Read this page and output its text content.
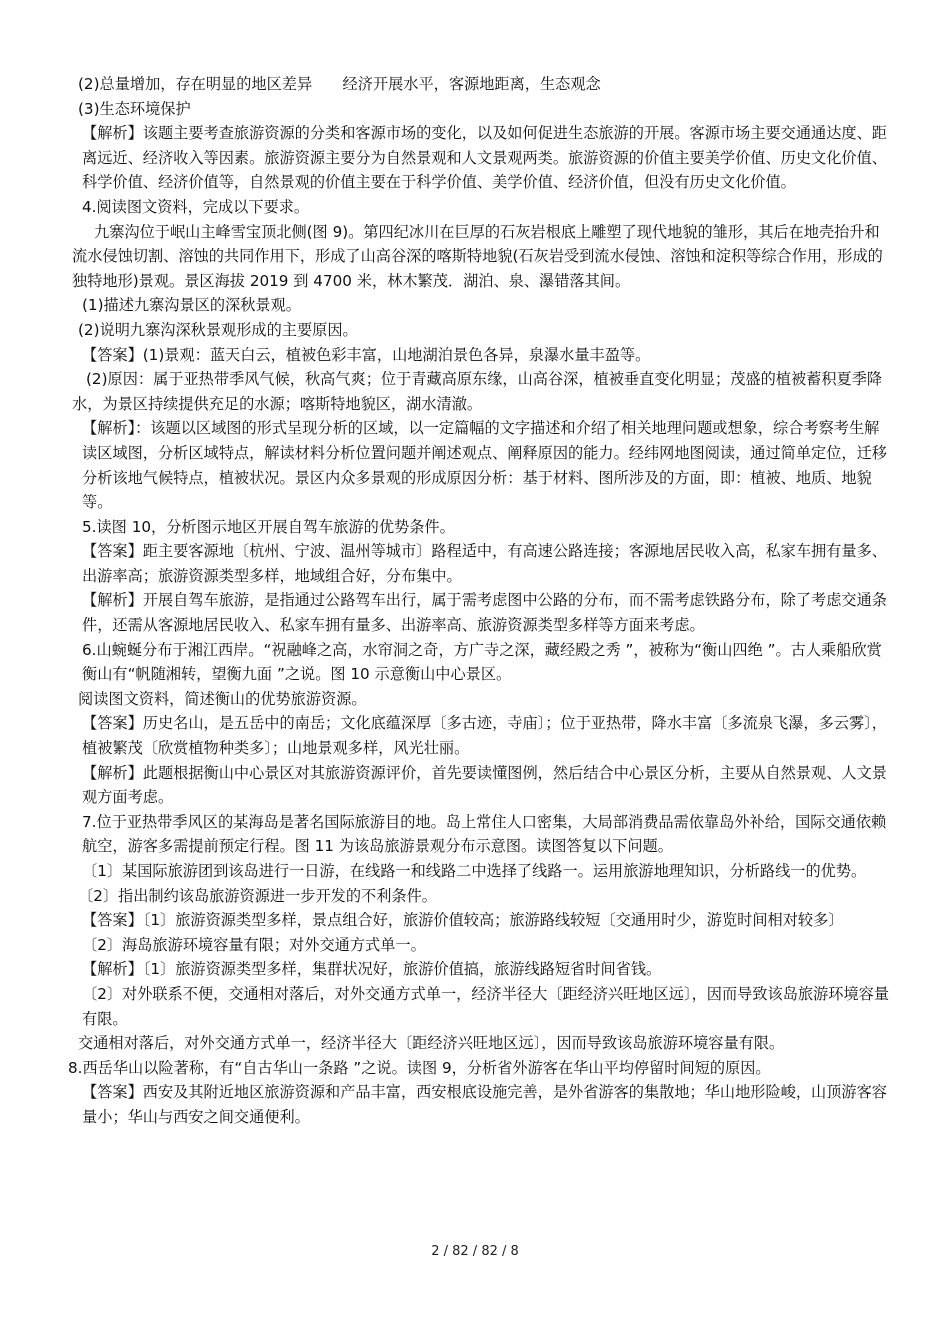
(2)总量增加，存在明显的地区差异　　经济开展水平，客源地距离，生态观念

(3)生态环境保护

【解析】该题主要考查旅游资源的分类和客源市场的变化，以及如何促进生态旅游的开展。客源市场主要交通通达度、距离远近、经济收入等因素。旅游资源主要分为自然景观和人文景观两类。旅游资源的价值主要美学价值、历史文化价值、科学价值、经济价值等，自然景观的价值主要在于科学价值、美学价值、经济价值，但没有历史文化价值。

4.阅读图文资料，完成以下要求。

九寨沟位于岷山主峰雪宝顶北侧(图 9)。第四纪冰川在巨厚的石灰岩根底上雕塑了现代地貌的雏形，其后在地壳抬升和流水侵蚀切割、溶蚀的共同作用下，形成了山高谷深的喀斯特地貌(石灰岩受到流水侵蚀、溶蚀和淀积等综合作用，形成的独特地形)景观。景区海拔 2019 到 4700 米，林木繁茂．湖泊、泉、瀑错落其间。

(1)描述九寨沟景区的深秋景观。

(2)说明九寨沟深秋景观形成的主要原因。

【答案】(1)景观：蓝天白云，植被色彩丰富，山地湖泊景色各异，泉瀑水量丰盈等。

(2)原因：属于亚热带季风气候，秋高气爽；位于青藏高原东缘，山高谷深，植被垂直变化明显；茂盛的植被蓄积夏季降水，为景区持续提供充足的水源；喀斯特地貌区，湖水清澈。

【解析】：该题以区域图的形式呈现分析的区域，以一定篇幅的文字描述和介绍了相关地理问题或想象，综合考察考生解读区域图，分析区域特点，解读材料分析位置问题并阐述观点、阐释原因的能力。经纬网地图阅读，通过简单定位，迁移分析该地气候特点，植被状况。景区内众多景观的形成原因分析：基于材料、图所涉及的方面，即：植被、地质、地貌等。

5.读图 10，分析图示地区开展自驾车旅游的优势条件。

【答案】距主要客源地〔杭州、宁波、温州等城市〕路程适中，有高速公路连接；客源地居民收入高，私家车拥有量多、出游率高；旅游资源类型多样，地域组合好，分布集中。

【解析】开展自驾车旅游，是指通过公路驾车出行，属于需考虑图中公路的分布，而不需考虑铁路分布，除了考虑交通条件，还需从客源地居民收入、私家车拥有量多、出游率高、旅游资源类型多样等方面来考虑。

6.山蜿蜒分布于湘江西岸。“祝融峰之高，水帘洞之奇，方广寺之深，藏经殿之秀 ”，被称为“衡山四绝 ”。古人乘船欣赏衡山有“帆随湘转，望衡九面 ”之说。图 10 示意衡山中心景区。

阅读图文资料，简述衡山的优势旅游资源。

【答案】历史名山，是五岳中的南岳；文化底蕴深厚〔多古迹，寺庙〕；位于亚热带，降水丰富〔多流泉飞瀑，多云雾〕，植被繁茂〔欣赏植物种类多〕；山地景观多样，风光壮丽。

【解析】此题根据衡山中心景区对其旅游资源评价，首先要读懂图例，然后结合中心景区分析，主要从自然景观、人文景观方面考虑。

7.位于亚热带季风区的某海岛是著名国际旅游目的地。岛上常住人口密集，大局部消费品需依靠岛外补给，国际交通依赖航空，游客多需提前预定行程。图 11 为该岛旅游景观分布示意图。读图答复以下问题。

〔1〕某国际旅游团到该岛进行一日游，在线路一和线路二中选择了线路一。运用旅游地理知识，分析路线一的优势。

〔2〕指出制约该岛旅游资源进一步开发的不利条件。

【答案】〔1〕旅游资源类型多样，景点组合好，旅游价值较高；旅游路线较短〔交通用时少，游览时间相对较多〕

〔2〕海岛旅游环境容量有限；对外交通方式单一。

【解析】〔1〕旅游资源类型多样，集群状况好，旅游价值搞，旅游线路短省时间省钱。

〔2〕对外联系不便，交通相对落后，对外交通方式单一，经济半径大〔距经济兴旺地区远〕，因而导致该岛旅游环境容量有限。

交通相对落后，对外交通方式单一，经济半径大〔距经济兴旺地区远〕，因而导致该岛旅游环境容量有限。

8.西岳华山以险著称，有“自古华山一条路 ”之说。读图 9，分析省外游客在华山平均停留时间短的原因。

【答案】西安及其附近地区旅游资源和产品丰富，西安根底设施完善，是外省游客的集散地；华山地形险峻，山顶游客容量小；华山与西安之间交通便利。

2 / 82 / 82 / 8
